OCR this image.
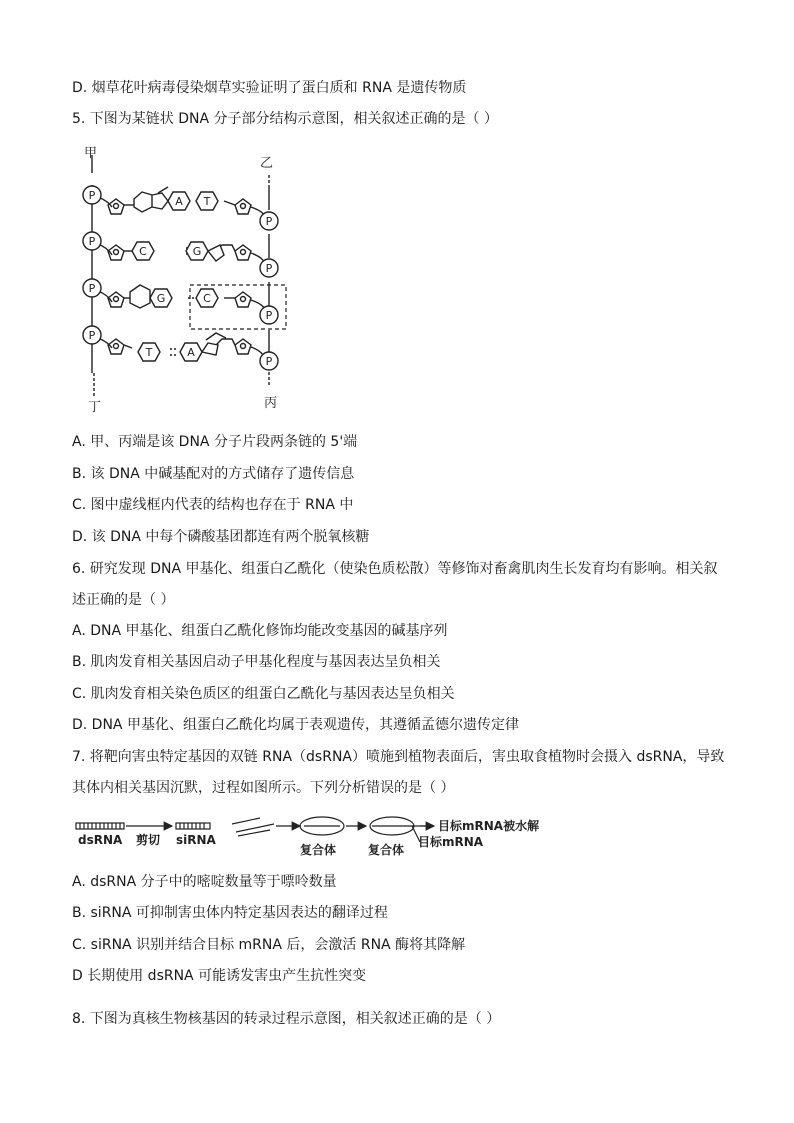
D. 烟草花叶病毒侵染烟草实验证明了蛋白质和 RNA 是遗传物质
5. 下图为某链状 DNA 分子部分结构示意图，相关叙述正确的是（ ）
P
P
P
P
P
P
P
P
A T
C	G
G	C
T	A
甲
乙
丁	丙
A. 甲、丙端是该 DNA 分子片段两条链的 5'端
B. 该 DNA 中碱基配对的方式储存了遗传信息
C. 图中虚线框内代表的结构也存在于 RNA 中
D. 该 DNA 中每个磷酸基团都连有两个脱氧核糖
6. 研究发现 DNA 甲基化、组蛋白乙酰化（使染色质松散）等修饰对畜禽肌肉生长发育均有影响。相关叙
述正确的是（ ）
A. DNA 甲基化、组蛋白乙酰化修饰均能改变基因的碱基序列
B. 肌肉发育相关基因启动子甲基化程度与基因表达呈负相关
C. 肌肉发育相关染色质区的组蛋白乙酰化与基因表达呈负相关
D. DNA 甲基化、组蛋白乙酰化均属于表观遗传，其遵循孟德尔遗传定律
7. 将靶向害虫特定基因的双链 RNA（dsRNA）喷施到植物表面后，害虫取食植物时会摄入 dsRNA，导致
其体内相关基因沉默，过程如图所示。下列分析错误的是（ ）
dsRNA 剪切 siRNA
复合体	复合体
目标mRNA
目标mRNA被水解
A. dsRNA 分子中的嘧啶数量等于嘌呤数量
B. siRNA 可抑制害虫体内特定基因表达的翻译过程
C. siRNA 识别并结合目标 mRNA 后，会激活 RNA 酶将其降解
D 长期使用 dsRNA 可能诱发害虫产生抗性突变
8. 下图为真核生物核基因的转录过程示意图，相关叙述正确的是（ ）
